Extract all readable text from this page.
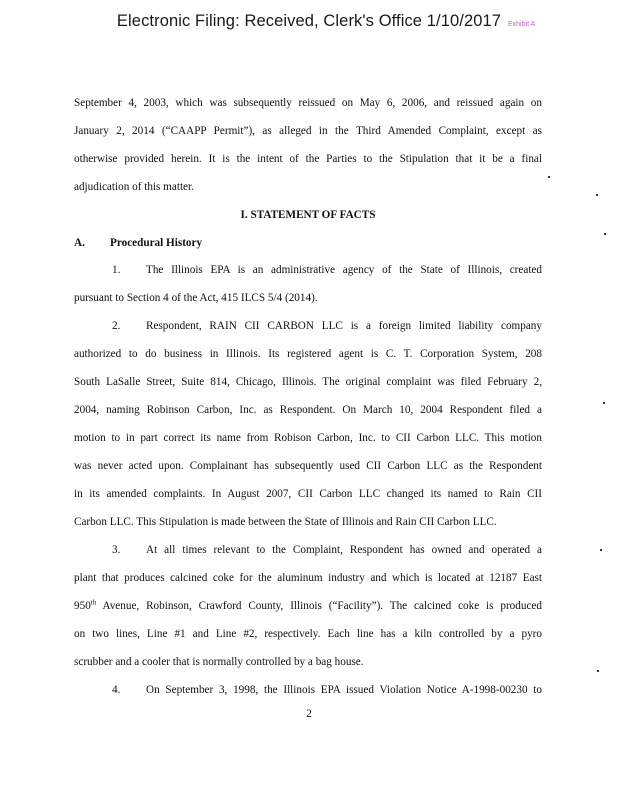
Electronic Filing: Received, Clerk's Office 1/10/2017 Exhibit A
September 4, 2003, which was subsequently reissued on May 6, 2006, and reissued again on
January 2, 2014 (“CAAPP Permit”), as alleged in the Third Amended Complaint, except as
otherwise provided herein. It is the intent of the Parties to the Stipulation that it be a final
adjudication of this matter.
I. STATEMENT OF FACTS
A. Procedural History
1. The Illinois EPA is an administrative agency of the State of Illinois, created
pursuant to Section 4 of the Act, 415 ILCS 5/4 (2014).
2. Respondent, RAIN CII CARBON LLC is a foreign limited liability company
authorized to do business in Illinois. Its registered agent is C. T. Corporation System, 208
South LaSalle Street, Suite 814, Chicago, Illinois. The original complaint was filed February 2,
2004, naming Robinson Carbon, Inc. as Respondent. On March 10, 2004 Respondent filed a
motion to in part correct its name from Robison Carbon, Inc. to CII Carbon LLC. This motion
was never acted upon. Complainant has subsequently used CII Carbon LLC as the Respondent
in its amended complaints. In August 2007, CII Carbon LLC changed its named to Rain CII
Carbon LLC. This Stipulation is made between the State of Illinois and Rain CII Carbon LLC.
3. At all times relevant to the Complaint, Respondent has owned and operated a
plant that produces calcined coke for the aluminum industry and which is located at 12187 East
950th Avenue, Robinson, Crawford County, Illinois (“Facility”). The calcined coke is produced
on two lines, Line #1 and Line #2, respectively. Each line has a kiln controlled by a pyro
scrubber and a cooler that is normally controlled by a bag house.
4. On September 3, 1998, the Illinois EPA issued Violation Notice A-1998-00230 to
2
